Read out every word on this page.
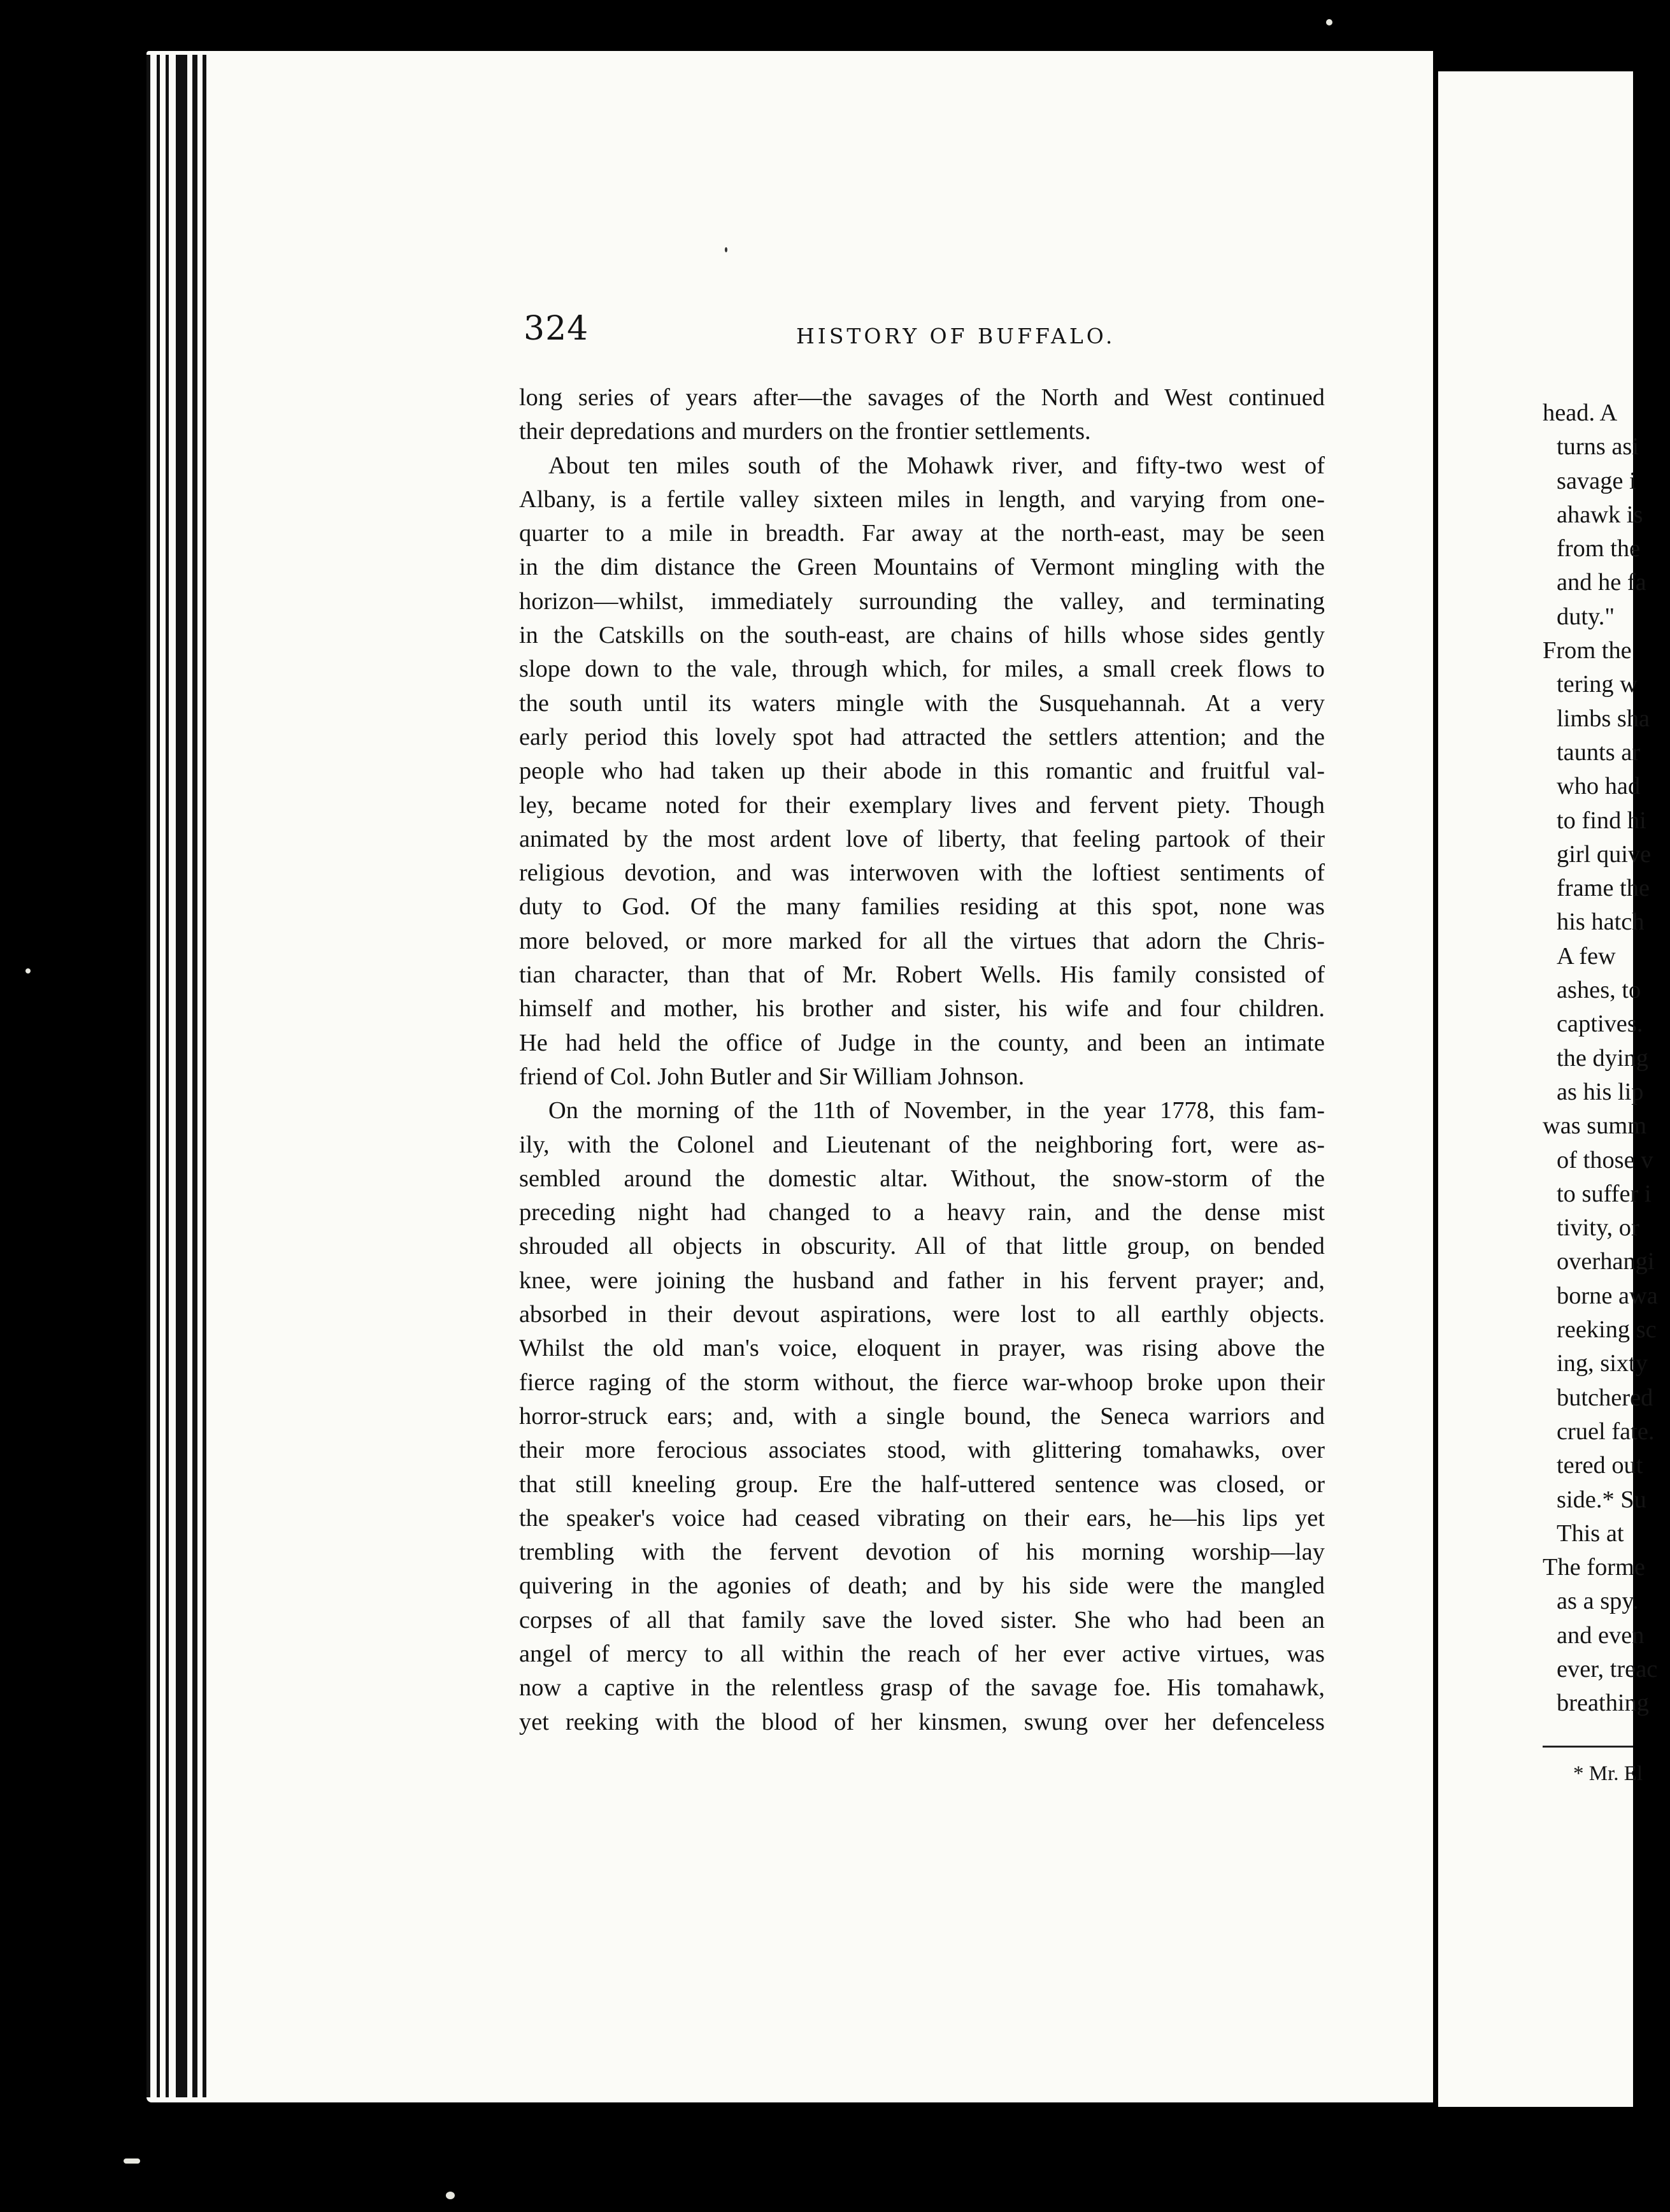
324	HISTORY OF BUFFALO.
long series of years after—the savages of the North and West continued
their depredations and murders on the frontier settlements.
About ten miles south of the Mohawk river, and fifty-two west of
Albany, is a fertile valley sixteen miles in length, and varying from one-
quarter to a mile in breadth. Far away at the north-east, may be seen
in the dim distance the Green Mountains of Vermont mingling with the
horizon—whilst, immediately surrounding the valley, and terminating
in the Catskills on the south-east, are chains of hills whose sides gently
slope down to the vale, through which, for miles, a small creek flows to
the south until its waters mingle with the Susquehannah. At a very
early period this lovely spot had attracted the settlers attention; and the
people who had taken up their abode in this romantic and fruitful val-
ley, became noted for their exemplary lives and fervent piety. Though
animated by the most ardent love of liberty, that feeling partook of their
religious devotion, and was interwoven with the loftiest sentiments of
duty to God. Of the many families residing at this spot, none was
more beloved, or more marked for all the virtues that adorn the Chris-
tian character, than that of Mr. Robert Wells. His family consisted of
himself and mother, his brother and sister, his wife and four children.
He had held the office of Judge in the county, and been an intimate
friend of Col. John Butler and Sir William Johnson.
On the morning of the 11th of November, in the year 1778, this fam-
ily, with the Colonel and Lieutenant of the neighboring fort, were as-
sembled around the domestic altar. Without, the snow-storm of the
preceding night had changed to a heavy rain, and the dense mist
shrouded all objects in obscurity. All of that little group, on bended
knee, were joining the husband and father in his fervent prayer; and,
absorbed in their devout aspirations, were lost to all earthly objects.
Whilst the old man's voice, eloquent in prayer, was rising above the
fierce raging of the storm without, the fierce war-whoop broke upon their
horror-struck ears; and, with a single bound, the Seneca warriors and
their more ferocious associates stood, with glittering tomahawks, over
that still kneeling group. Ere the half-uttered sentence was closed, or
the speaker's voice had ceased vibrating on their ears, he—his lips yet
trembling with the fervent devotion of his morning worship—lay
quivering in the agonies of death; and by his side were the mangled
corpses of all that family save the loved sister. She who had been an
angel of mercy to all within the reach of her ever active virtues, was
now a captive in the relentless grasp of the savage foe. His tomahawk,
yet reeking with the blood of her kinsmen, swung over her defenceless
head. A
turns asi
savage i
ahawk is
from the
and he fa
duty."
From the
tering w
limbs sha
taunts ar
who had
to find hi
girl quive
frame the
his hatch
A few
ashes, to
captives.
the dying
as his lip
was summ
of those v
to suffer i
tivity, or
overhangi
borne awa
reeking sc
ing, sixty
butchered
cruel fate.
tered out
side.* Su
This at
The forme
as a spy.
and even
ever, treac
breathing
* Mr. El
